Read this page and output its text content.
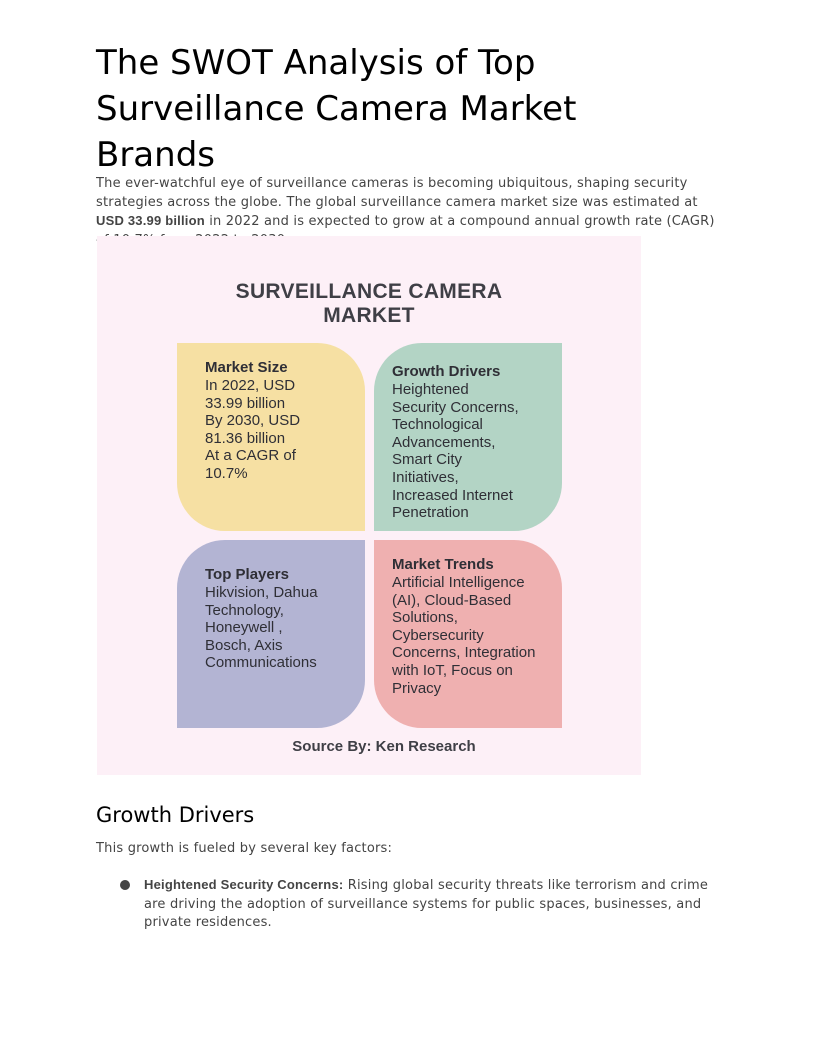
The SWOT Analysis of Top Surveillance Camera Market Brands
The ever-watchful eye of surveillance cameras is becoming ubiquitous, shaping security strategies across the globe. The global surveillance camera market size was estimated at USD 33.99 billion in 2022 and is expected to grow at a compound annual growth rate (CAGR)
SURVEILLANCE CAMERA
MARKET
Market Size
In 2022, USD
33.99 billion
By 2030, USD
81.36 billion
At a CAGR of
10.7%
Growth Drivers
Heightened
Security Concerns,
Technological
Advancements,
Smart City
Initiatives,
Increased Internet
Penetration
Top Players
Hikvision, Dahua
Technology,
Honeywell ,
Bosch, Axis
Communications
Market Trends
Artificial Intelligence
(AI), Cloud-Based
Solutions,
Cybersecurity
Concerns, Integration
with IoT, Focus on
Privacy
Source By: Ken Research
Growth Drivers
This growth is fueled by several key factors:
Heightened Security Concerns: Rising global security threats like terrorism and crime are driving the adoption of surveillance systems for public spaces, businesses, and private residences.
